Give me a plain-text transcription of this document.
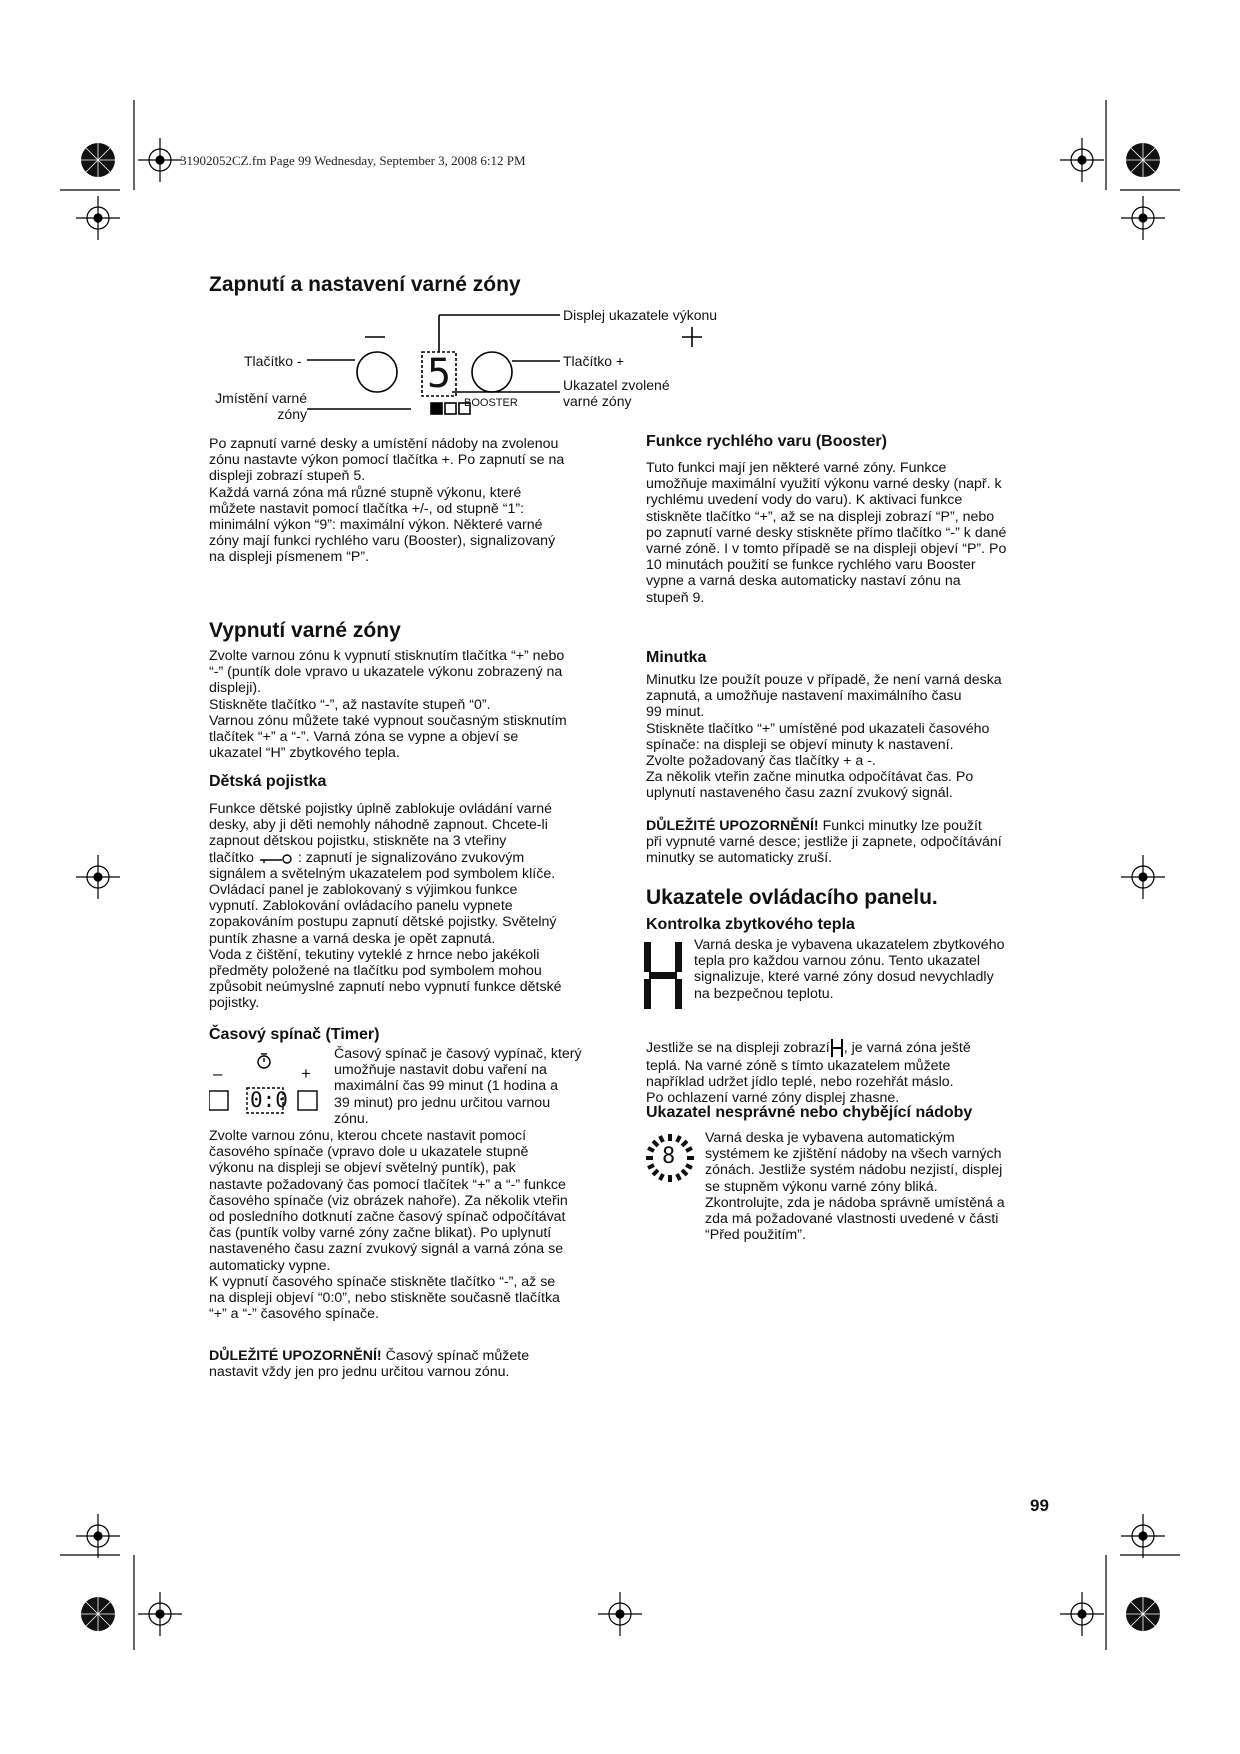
31902052CZ.fm Page 99 Wednesday, September 3, 2008 6:12 PM
Zapnutí a nastavení varné zóny
5
BOOSTER
Displej ukazatele výkonu
Tlačítko -	Tlačítko +
Jmístění varné
zóny
Ukazatel zvolené
varné zóny

Po zapnutí varné desky a umístění nádoby na zvolenou
zónu nastavte výkon pomocí tlačítka +. Po zapnutí se na
displeji zobrazí stupeň 5.
Každá varná zóna má různé stupně výkonu, které
můžete nastavit pomocí tlačítka +/-, od stupně “1”:
minimální výkon “9”: maximální výkon. Některé varné
zóny mají funkci rychlého varu (Booster), signalizovaný
na displeji písmenem “P”.

Vypnutí varné zóny

Zvolte varnou zónu k vypnutí stisknutím tlačítka “+” nebo
“-” (puntík dole vpravo u ukazatele výkonu zobrazený na
displeji).
Stiskněte tlačítko “-”, až nastavíte stupeň “0”.
Varnou zónu můžete také vypnout současným stisknutím
tlačítek “+” a “-”. Varná zóna se vypne a objeví se
ukazatel “H” zbytkového tepla.

Dětská pojistka

Funkce dětské pojistky úplně zablokuje ovládání varné
desky, aby ji děti nemohly náhodně zapnout. Chcete-li
zapnout dětskou pojistku, stiskněte na 3 vteřiny
tlačítko	: zapnutí je signalizováno zvukovým
signálem a světelným ukazatelem pod symbolem klíče.
Ovládací panel je zablokovaný s výjimkou funkce
vypnutí. Zablokování ovládacího panelu vypnete
zopakováním postupu zapnutí dětské pojistky. Světelný
puntík zhasne a varná deska je opět zapnutá.
Voda z čištění, tekutiny vyteklé z hrnce nebo jakékoli
předměty položené na tlačítku pod symbolem mohou
způsobit neúmyslné zapnutí nebo vypnutí funkce dětské
pojistky.

Časový spínač (Timer)
–	+
0:0

Časový spínač je časový vypínač, který
umožňuje nastavit dobu vaření na
maximální čas 99 minut (1 hodina a
39 minut) pro jednu určitou varnou
zónu.

Zvolte varnou zónu, kterou chcete nastavit pomocí
časového spínače (vpravo dole u ukazatele stupně
výkonu na displeji se objeví světelný puntík), pak
nastavte požadovaný čas pomocí tlačítek “+” a “-” funkce
časového spínače (viz obrázek nahoře). Za několik vteřin
od posledního dotknutí začne časový spínač odpočítávat
čas (puntík volby varné zóny začne blikat). Po uplynutí
nastaveného času zazní zvukový signál a varná zóna se
automaticky vypne.
K vypnutí časového spínače stiskněte tlačítko “-”, až se
na displeji objeví “0:0”, nebo stiskněte současně tlačítka
“+” a “-” časového spínače.

DŮLEŽITÉ UPOZORNĚNÍ! Časový spínač můžete
nastavit vždy jen pro jednu určitou varnou zónu.

Funkce rychlého varu (Booster)

Tuto funkci mají jen některé varné zóny. Funkce
umožňuje maximální využití výkonu varné desky (např. k
rychlému uvedení vody do varu). K aktivaci funkce
stiskněte tlačítko “+”, až se na displeji zobrazí “P”, nebo
po zapnutí varné desky stiskněte přímo tlačítko “-” k dané
varné zóně. I v tomto případě se na displeji objeví “P”. Po
10 minutách použití se funkce rychlého varu Booster
vypne a varná deska automaticky nastaví zónu na
stupeň 9.

Minutka

Minutku lze použít pouze v případě, že není varná deska
zapnutá, a umožňuje nastavení maximálního času
99 minut.
Stiskněte tlačítko “+” umístěné pod ukazateli časového
spínače: na displeji se objeví minuty k nastavení.
Zvolte požadovaný čas tlačítky + a -.
Za několik vteřin začne minutka odpočítávat čas. Po
uplynutí nastaveného času zazní zvukový signál.

DŮLEŽITÉ UPOZORNĚNÍ! Funkci minutky lze použít
při vypnuté varné desce; jestliže ji zapnete, odpočítávání
minutky se automaticky zruší.

Ukazatele ovládacího panelu.
Kontrolka zbytkového tepla

Varná deska je vybavena ukazatelem zbytkového
tepla pro každou varnou zónu. Tento ukazatel
signalizuje, které varné zóny dosud nevychladly
na bezpečnou teplotu.

Jestliže se na displeji zobrazí , je varná zóna ještě
teplá. Na varné zóně s tímto ukazatelem můžete
například udržet jídlo teplé, nebo rozehřát máslo.
Po ochlazení varné zóny displej zhasne.

Ukazatel nesprávné nebo chybějící nádoby
8

Varná deska je vybavena automatickým
systémem ke zjištění nádoby na všech varných
zónách. Jestliže systém nádobu nezjistí, displej
se stupněm výkonu varné zóny bliká.
Zkontrolujte, zda je nádoba správně umístěná a
zda má požadované vlastnosti uvedené v části
“Před použitím”.

99
